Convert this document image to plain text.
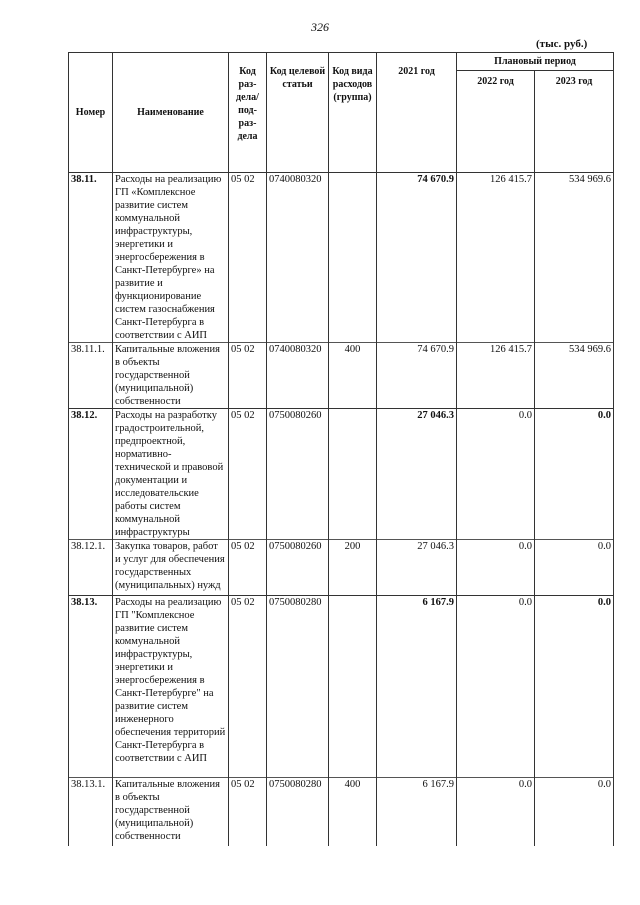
326
(тыс. руб.)
Номер	Наименование	Код раз-дела/ под-раз-дела	Код целевой статьи	Код вида расходов (группа)	2021 год	Плановый период	
						2022 год	2023 год
38.11.	Расходы на реализацию ГП «Комплексное развитие систем коммунальной инфраструктуры, энергетики и энергосбережения в Санкт-Петербурге» на развитие и функционирование систем газоснабжения Санкт-Петербурга в соответствии с АИП	05 02	0740080320		74 670.9	126 415.7	534 969.6
38.11.1.	Капитальные вложения в объекты государственной (муниципальной) собственности	05 02	0740080320	400	74 670.9	126 415.7	534 969.6
38.12.	Расходы на разработку градостроительной, предпроектной, нормативно-технической и правовой документации и исследовательские работы систем коммунальной инфраструктуры	05 02	0750080260		27 046.3	0.0	0.0
38.12.1.	Закупка товаров, работ и услуг для обеспечения государственных (муниципальных) нужд	05 02	0750080260	200	27 046.3	0.0	0.0
38.13.	Расходы на реализацию ГП "Комплексное развитие систем коммунальной инфраструктуры, энергетики и энергосбережения в Санкт-Петербурге" на развитие систем инженерного обеспечения территорий Санкт-Петербурга в соответствии с АИП	05 02	0750080280		6 167.9	0.0	0.0
38.13.1.	Капитальные вложения в объекты государственной (муниципальной) собственности	05 02	0750080280	400	6 167.9	0.0	0.0
